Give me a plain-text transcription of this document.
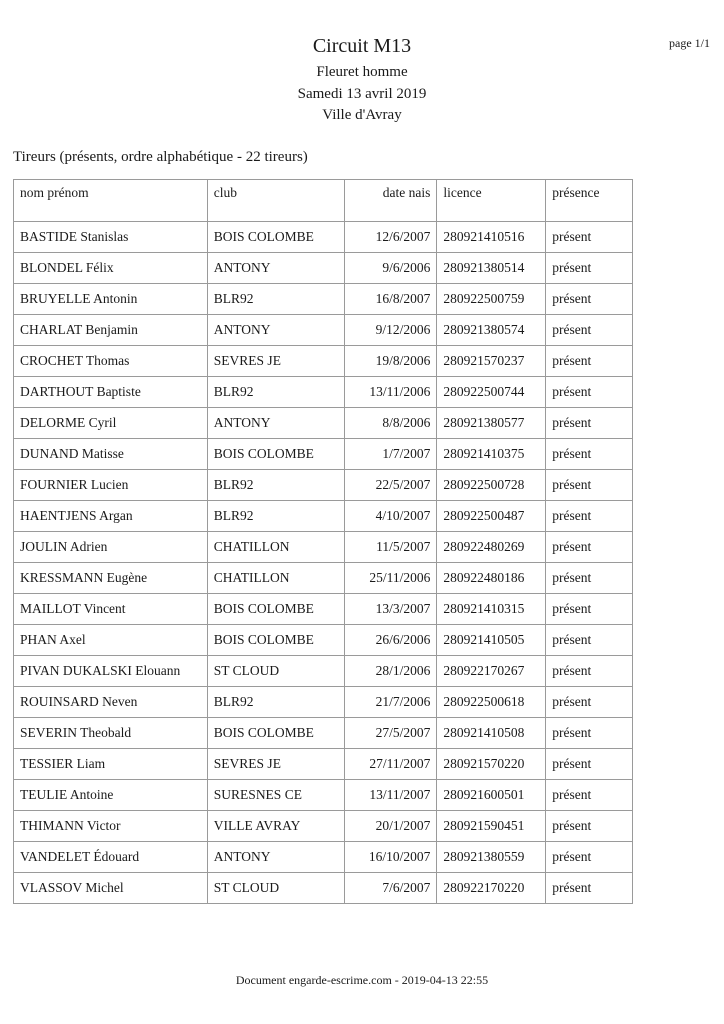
Circuit M13
Fleuret homme
Samedi 13 avril 2019
Ville d'Avray
page 1/1
Tireurs (présents, ordre alphabétique - 22 tireurs)
nom prénom	club	date nais	licence	présence
BASTIDE Stanislas	BOIS COLOMBE	12/6/2007	280921410516	présent
BLONDEL Félix	ANTONY	9/6/2006	280921380514	présent
BRUYELLE Antonin	BLR92	16/8/2007	280922500759	présent
CHARLAT Benjamin	ANTONY	9/12/2006	280921380574	présent
CROCHET Thomas	SEVRES JE	19/8/2006	280921570237	présent
DARTHOUT Baptiste	BLR92	13/11/2006	280922500744	présent
DELORME Cyril	ANTONY	8/8/2006	280921380577	présent
DUNAND Matisse	BOIS COLOMBE	1/7/2007	280921410375	présent
FOURNIER Lucien	BLR92	22/5/2007	280922500728	présent
HAENTJENS Argan	BLR92	4/10/2007	280922500487	présent
JOULIN Adrien	CHATILLON	11/5/2007	280922480269	présent
KRESSMANN Eugène	CHATILLON	25/11/2006	280922480186	présent
MAILLOT Vincent	BOIS COLOMBE	13/3/2007	280921410315	présent
PHAN Axel	BOIS COLOMBE	26/6/2006	280921410505	présent
PIVAN DUKALSKI Elouann	ST CLOUD	28/1/2006	280922170267	présent
ROUINSARD Neven	BLR92	21/7/2006	280922500618	présent
SEVERIN Theobald	BOIS COLOMBE	27/5/2007	280921410508	présent
TESSIER Liam	SEVRES JE	27/11/2007	280921570220	présent
TEULIE Antoine	SURESNES CE	13/11/2007	280921600501	présent
THIMANN Victor	VILLE AVRAY	20/1/2007	280921590451	présent
VANDELET Édouard	ANTONY	16/10/2007	280921380559	présent
VLASSOV Michel	ST CLOUD	7/6/2007	280922170220	présent
Document engarde-escrime.com - 2019-04-13 22:55
